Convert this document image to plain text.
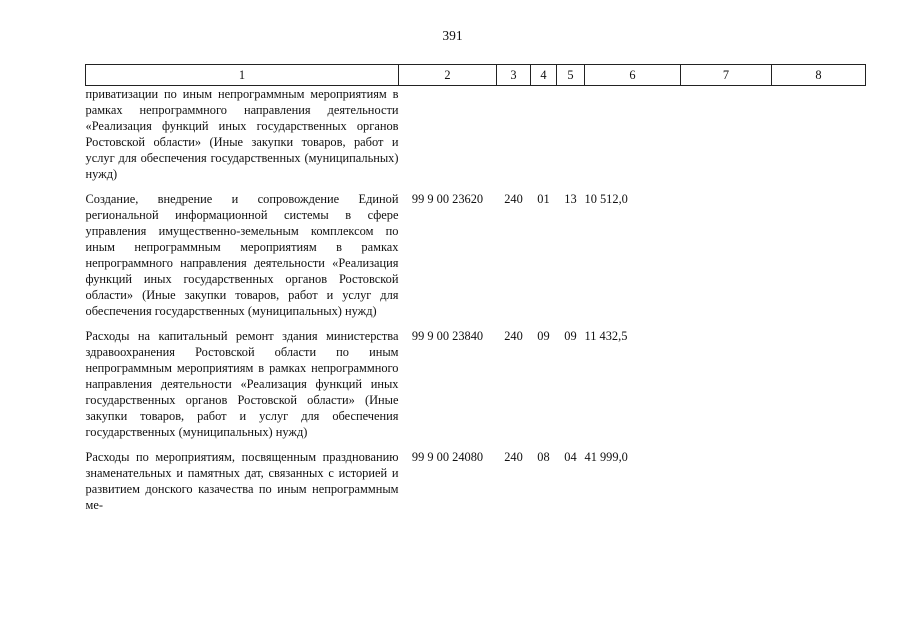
391
1	2	3	4	5	6	7	8
приватизации по иным непрограммным мероприятиям в рамках непрограммного направления деятельности «Реализация функций иных государственных органов Ростовской области» (Иные закупки товаров, работ и услуг для обеспечения государственных (муниципальных) нужд)							
Создание, внедрение и сопровождение Единой региональной информационной системы в сфере управления имущественно-земельным комплексом по иным непрограммным мероприятиям в рамках непрограммного направления деятельности «Реализация функций иных государственных органов Ростовской области» (Иные закупки товаров, работ и услуг для обеспечения государственных (муниципальных) нужд)	99 9 00 23620	240	01	13	10 512,0		
Расходы на капитальный ремонт здания министерства здравоохранения Ростовской области по иным непрограммным мероприятиям в рамках непрограммного направления деятельности «Реализация функций иных государственных органов Ростовской области» (Иные закупки товаров, работ и услуг для обеспечения государственных (муниципальных) нужд)	99 9 00 23840	240	09	09	11 432,5		
Расходы по мероприятиям, посвященным празднованию знаменательных и памятных дат, связанных с историей и развитием донского казачества по иным непрограммным ме-	99 9 00 24080	240	08	04	41 999,0		
